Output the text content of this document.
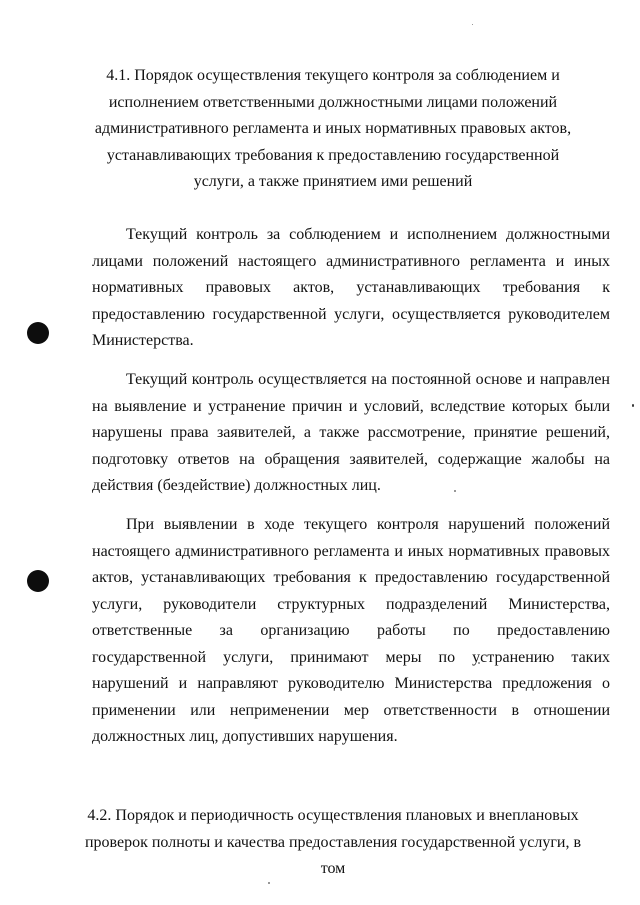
4.1. Порядок осуществления текущего контроля за соблюдением и исполнением ответственными должностными лицами положений административного регламента и иных нормативных правовых актов, устанавливающих требования к предоставлению государственной услуги, а также принятием ими решений

Текущий контроль за соблюдением и исполнением должностными лицами положений настоящего административного регламента и иных нормативных правовых актов, устанавливающих требования к предоставлению государственной услуги, осуществляется руководителем Министерства.

Текущий контроль осуществляется на постоянной основе и направлен на выявление и устранение причин и условий, вследствие которых были нарушены права заявителей, а также рассмотрение, принятие решений, подготовку ответов на обращения заявителей, содержащие жалобы на действия (бездействие) должностных лиц.

При выявлении в ходе текущего контроля нарушений положений настоящего административного регламента и иных нормативных правовых актов, устанавливающих требования к предоставлению государственной услуги, руководители структурных подразделений Министерства, ответственные за организацию работы по предоставлению государственной услуги, принимают меры по устранению таких нарушений и направляют руководителю Министерства предложения о применении или неприменении мер ответственности в отношении должностных лиц, допустивших нарушения.

4.2. Порядок и периодичность осуществления плановых и внеплановых проверок полноты и качества предоставления государственной услуги, в том
